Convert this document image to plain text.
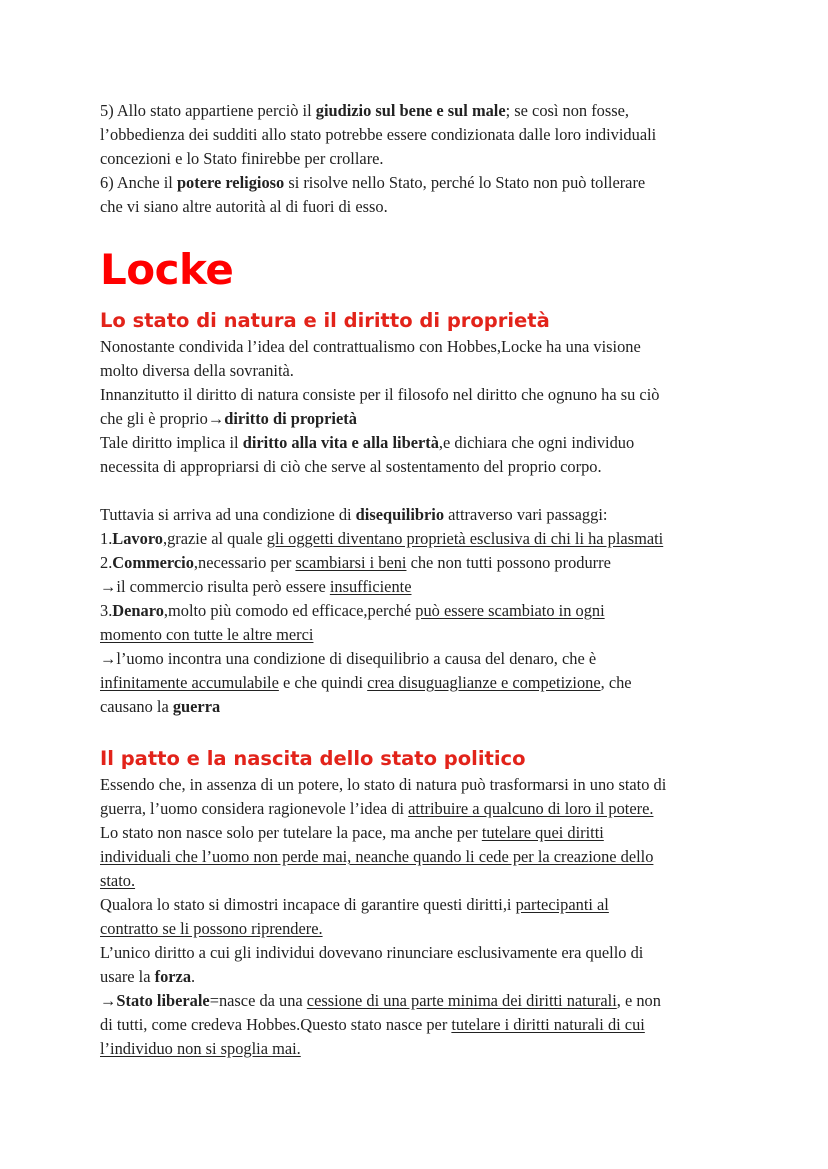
5) Allo stato appartiene perciò il giudizio sul bene e sul male; se così non fosse,

l’obbedienza dei sudditi allo stato potrebbe essere condizionata dalle loro individuali

concezioni e lo Stato finirebbe per crollare.

6) Anche il potere religioso si risolve nello Stato, perché lo Stato non può tollerare

che vi siano altre autorità al di fuori di esso.

Locke
Lo stato di natura e il diritto di proprietà

Nonostante condivida l’idea del contrattualismo con Hobbes,Locke ha una visione

molto diversa della sovranità.

Innanzitutto il diritto di natura consiste per il filosofo nel diritto che ognuno ha su ciò

che gli è proprio→diritto di proprietà

Tale diritto implica il diritto alla vita e alla libertà,e dichiara che ogni individuo

necessita di appropriarsi di ciò che serve al sostentamento del proprio corpo.

Tuttavia si arriva ad una condizione di disequilibrio attraverso vari passaggi:

1.Lavoro,grazie al quale gli oggetti diventano proprietà esclusiva di chi li ha plasmati

2.Commercio,necessario per scambiarsi i beni che non tutti possono produrre

→il commercio risulta però essere insufficiente

3.Denaro,molto più comodo ed efficace,perché può essere scambiato in ogni

momento con tutte le altre merci

→l’uomo incontra una condizione di disequilibrio a causa del denaro, che è

infinitamente accumulabile e che quindi crea disuguaglianze e competizione, che

causano la guerra

Il patto e la nascita dello stato politico

Essendo che, in assenza di un potere, lo stato di natura può trasformarsi in uno stato di

guerra, l’uomo considera ragionevole l’idea di attribuire a qualcuno di loro il potere.

Lo stato non nasce solo per tutelare la pace, ma anche per tutelare quei diritti

individuali che l’uomo non perde mai, neanche quando li cede per la creazione dello

stato.

Qualora lo stato si dimostri incapace di garantire questi diritti,i partecipanti al

contratto se li possono riprendere.

L’unico diritto a cui gli individui dovevano rinunciare esclusivamente era quello di

usare la forza.

→Stato liberale=nasce da una cessione di una parte minima dei diritti naturali, e non

di tutti, come credeva Hobbes.Questo stato nasce per tutelare i diritti naturali di cui

l’individuo non si spoglia mai.
